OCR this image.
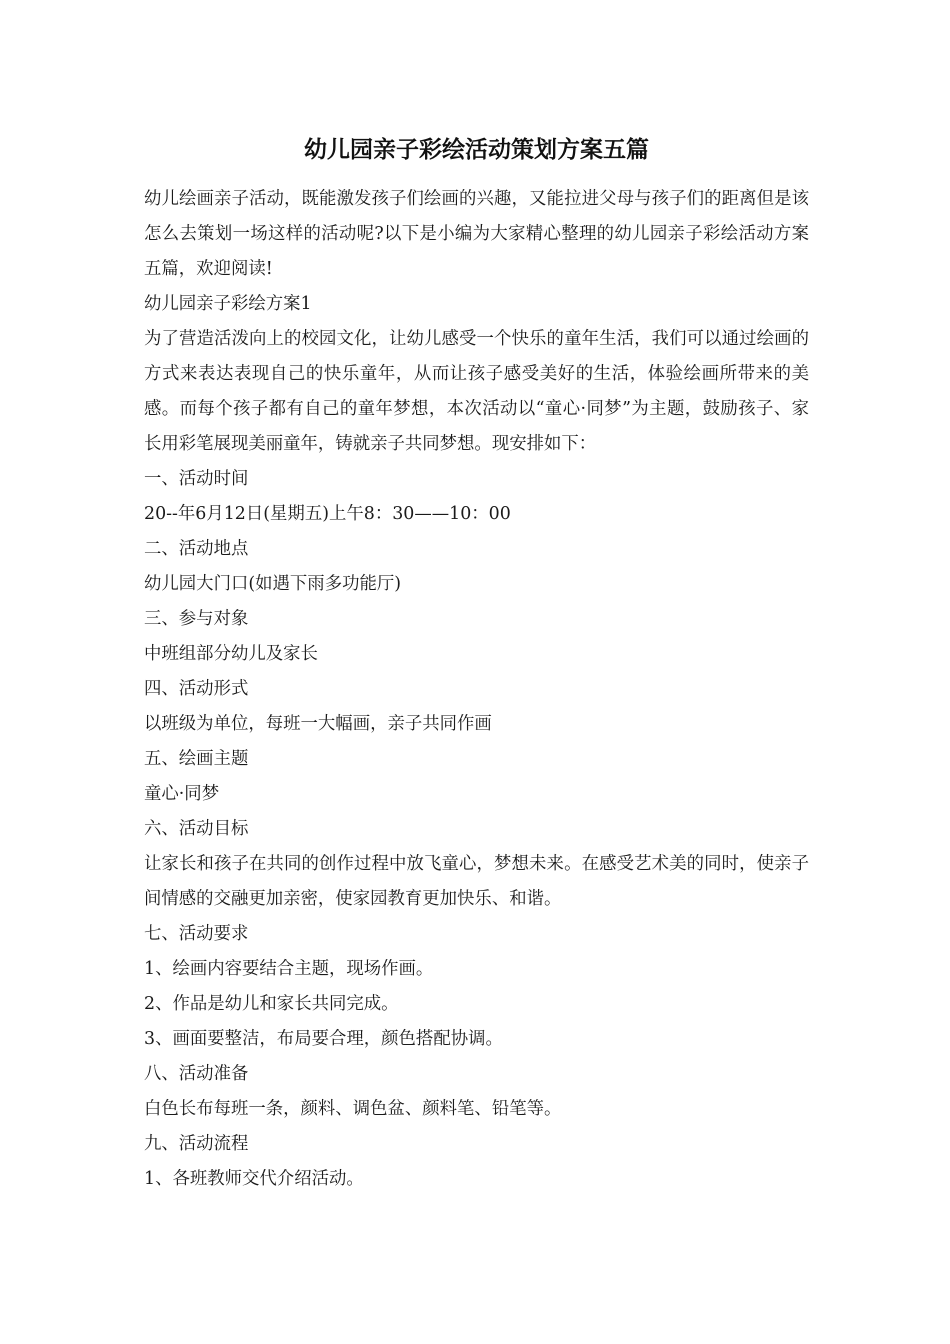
幼儿园亲子彩绘活动策划方案五篇

幼儿绘画亲子活动，既能激发孩子们绘画的兴趣，又能拉进父母与孩子们的距离但是该怎么去策划一场这样的活动呢?以下是小编为大家精心整理的幼儿园亲子彩绘活动方案五篇，欢迎阅读!

幼儿园亲子彩绘方案1

为了营造活泼向上的校园文化，让幼儿感受一个快乐的童年生活，我们可以通过绘画的方式来表达表现自己的快乐童年，从而让孩子感受美好的生活，体验绘画所带来的美感。而每个孩子都有自己的童年梦想，本次活动以“童心·同梦”为主题，鼓励孩子、家长用彩笔展现美丽童年，铸就亲子共同梦想。现安排如下：

一、活动时间

20--年6月12日(星期五)上午8：30——10：00

二、活动地点

幼儿园大门口(如遇下雨多功能厅)

三、参与对象

中班组部分幼儿及家长

四、活动形式

以班级为单位，每班一大幅画，亲子共同作画

五、绘画主题

童心·同梦

六、活动目标

让家长和孩子在共同的创作过程中放飞童心，梦想未来。在感受艺术美的同时，使亲子间情感的交融更加亲密，使家园教育更加快乐、和谐。

七、活动要求

1、绘画内容要结合主题，现场作画。

2、作品是幼儿和家长共同完成。

3、画面要整洁，布局要合理，颜色搭配协调。

八、活动准备

白色长布每班一条，颜料、调色盆、颜料笔、铅笔等。

九、活动流程

1、各班教师交代介绍活动。
